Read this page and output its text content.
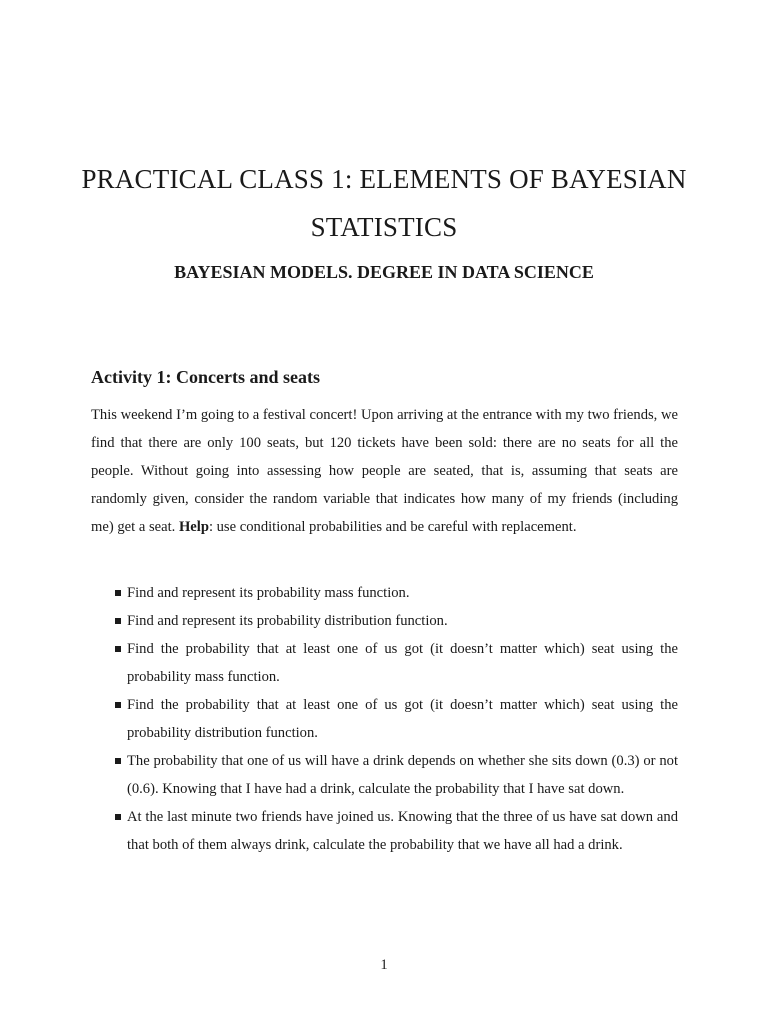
PRACTICAL CLASS 1: ELEMENTS OF BAYESIAN STATISTICS
BAYESIAN MODELS. DEGREE IN DATA SCIENCE
Activity 1: Concerts and seats

This weekend I’m going to a festival concert! Upon arriving at the entrance with my two friends, we find that there are only 100 seats, but 120 tickets have been sold: there are no seats for all the people. Without going into assessing how people are seated, that is, assuming that seats are randomly given, consider the random variable that indicates how many of my friends (including me) get a seat. Help: use conditional probabilities and be careful with replacement.

Find and represent its probability mass function.
Find and represent its probability distribution function.
Find the probability that at least one of us got (it doesn’t matter which) seat using the probability mass function.
Find the probability that at least one of us got (it doesn’t matter which) seat using the probability distribution function.
The probability that one of us will have a drink depends on whether she sits down (0.3) or not (0.6). Knowing that I have had a drink, calculate the probability that I have sat down.
At the last minute two friends have joined us. Knowing that the three of us have sat down and that both of them always drink, calculate the probability that we have all had a drink.
1
